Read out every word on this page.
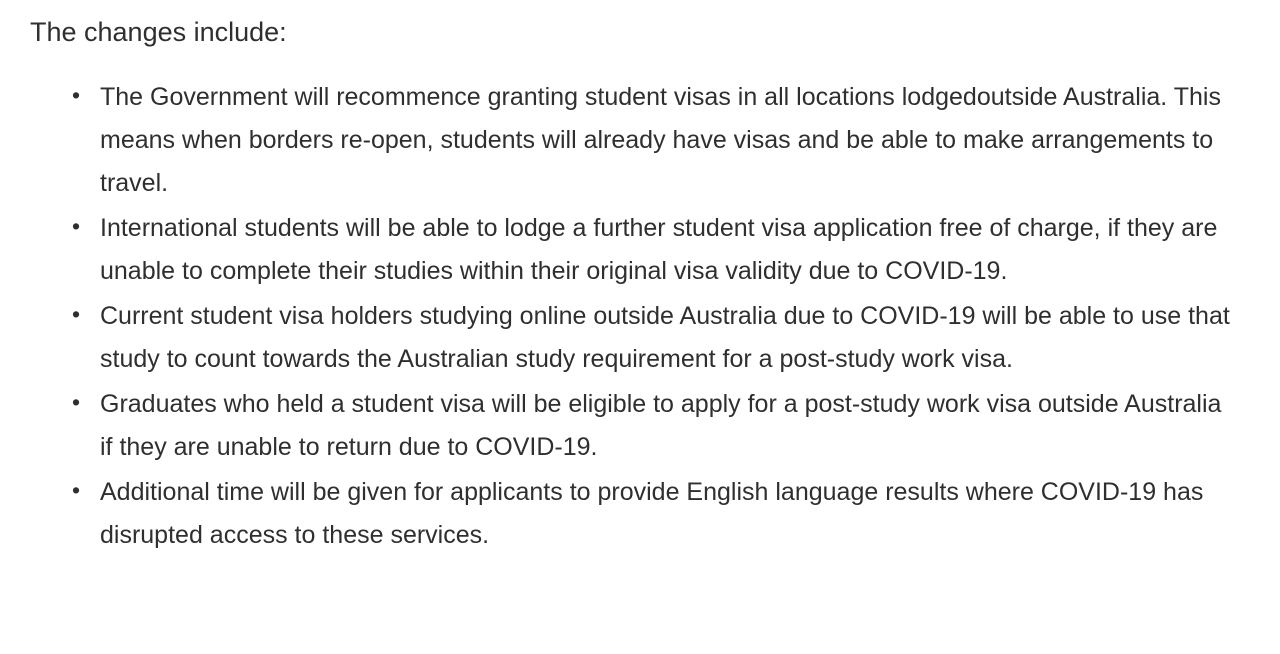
The changes include:

• The Government will recommence granting student visas in all locations lodgedoutside Australia. This means when borders re-open, students will already have visas and be able to make arrangements to travel.
• International students will be able to lodge a further student visa application free of charge, if they are unable to complete their studies within their original visa validity due to COVID-19.
• Current student visa holders studying online outside Australia due to COVID-19 will be able to use that study to count towards the Australian study requirement for a post-study work visa.
• Graduates who held a student visa will be eligible to apply for a post-study work visa outside Australia if they are unable to return due to COVID-19.
• Additional time will be given for applicants to provide English language results where COVID-19 has disrupted access to these services.
